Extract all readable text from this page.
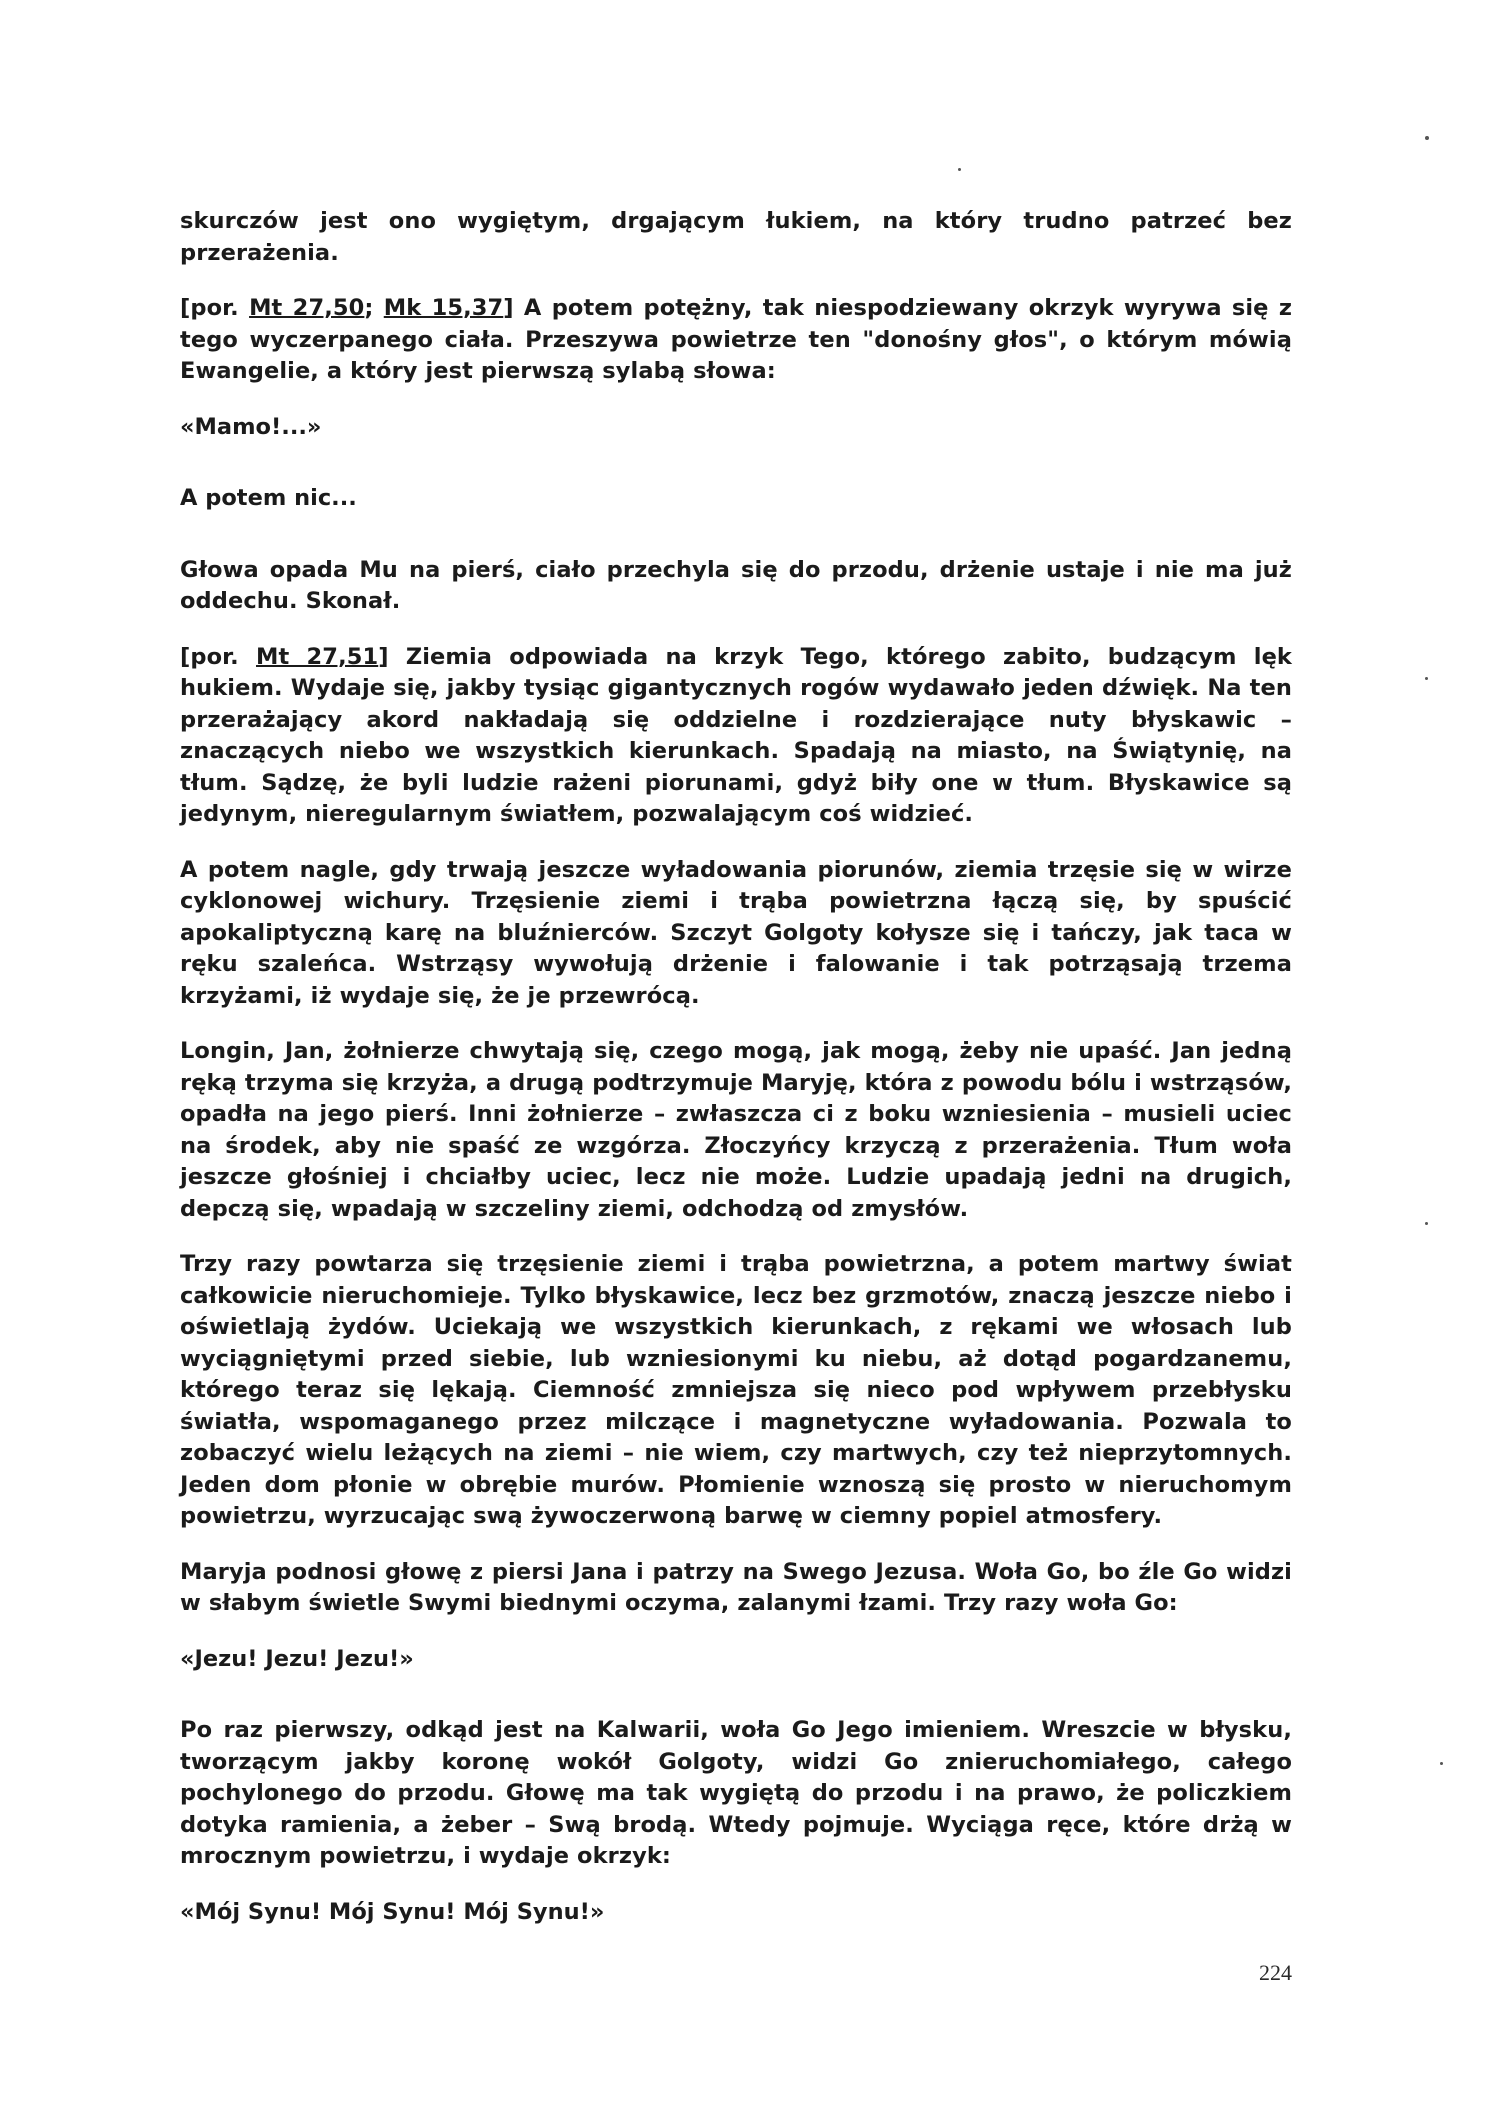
skurczów jest ono wygiętym, drgającym łukiem, na który trudno patrzeć bez przerażenia.

[por. Mt 27,50; Mk 15,37] A potem potężny, tak niespodziewany okrzyk wyrywa się z tego wyczerpanego ciała. Przeszywa powietrze ten "donośny głos", o którym mówią Ewangelie, a który jest pierwszą sylabą słowa:

«Mamo!...»

A potem nic...

Głowa opada Mu na pierś, ciało przechyla się do przodu, drżenie ustaje i nie ma już oddechu. Skonał.

[por. Mt 27,51] Ziemia odpowiada na krzyk Tego, którego zabito, budzącym lęk hukiem. Wydaje się, jakby tysiąc gigantycznych rogów wydawało jeden dźwięk. Na ten przerażający akord nakładają się oddzielne i rozdzierające nuty błyskawic – znaczących niebo we wszystkich kierunkach. Spadają na miasto, na Świątynię, na tłum. Sądzę, że byli ludzie rażeni piorunami, gdyż biły one w tłum. Błyskawice są jedynym, nieregularnym światłem, pozwalającym coś widzieć.

A potem nagle, gdy trwają jeszcze wyładowania piorunów, ziemia trzęsie się w wirze cyklonowej wichury. Trzęsienie ziemi i trąba powietrzna łączą się, by spuścić apokaliptyczną karę na bluźnierców. Szczyt Golgoty kołysze się i tańczy, jak taca w ręku szaleńca. Wstrząsy wywołują drżenie i falowanie i tak potrząsają trzema krzyżami, iż wydaje się, że je przewrócą.

Longin, Jan, żołnierze chwytają się, czego mogą, jak mogą, żeby nie upaść. Jan jedną ręką trzyma się krzyża, a drugą podtrzymuje Maryję, która z powodu bólu i wstrząsów, opadła na jego pierś. Inni żołnierze – zwłaszcza ci z boku wzniesienia – musieli uciec na środek, aby nie spaść ze wzgórza. Złoczyńcy krzyczą z przerażenia. Tłum woła jeszcze głośniej i chciałby uciec, lecz nie może. Ludzie upadają jedni na drugich, depczą się, wpadają w szczeliny ziemi, odchodzą od zmysłów.

Trzy razy powtarza się trzęsienie ziemi i trąba powietrzna, a potem martwy świat całkowicie nieruchomieje. Tylko błyskawice, lecz bez grzmotów, znaczą jeszcze niebo i oświetlają żydów. Uciekają we wszystkich kierunkach, z rękami we włosach lub wyciągniętymi przed siebie, lub wzniesionymi ku niebu, aż dotąd pogardzanemu, którego teraz się lękają. Ciemność zmniejsza się nieco pod wpływem przebłysku światła, wspomaganego przez milczące i magnetyczne wyładowania. Pozwala to zobaczyć wielu leżących na ziemi – nie wiem, czy martwych, czy też nieprzytomnych. Jeden dom płonie w obrębie murów. Płomienie wznoszą się prosto w nieruchomym powietrzu, wyrzucając swą żywoczerwoną barwę w ciemny popiel atmosfery.

Maryja podnosi głowę z piersi Jana i patrzy na Swego Jezusa. Woła Go, bo źle Go widzi w słabym świetle Swymi biednymi oczyma, zalanymi łzami. Trzy razy woła Go:

«Jezu! Jezu! Jezu!»

Po raz pierwszy, odkąd jest na Kalwarii, woła Go Jego imieniem. Wreszcie w błysku, tworzącym jakby koronę wokół Golgoty, widzi Go znieruchomiałego, całego pochylonego do przodu. Głowę ma tak wygiętą do przodu i na prawo, że policzkiem dotyka ramienia, a żeber – Swą brodą. Wtedy pojmuje. Wyciąga ręce, które drżą w mrocznym powietrzu, i wydaje okrzyk:

«Mój Synu! Mój Synu! Mój Synu!»

224
